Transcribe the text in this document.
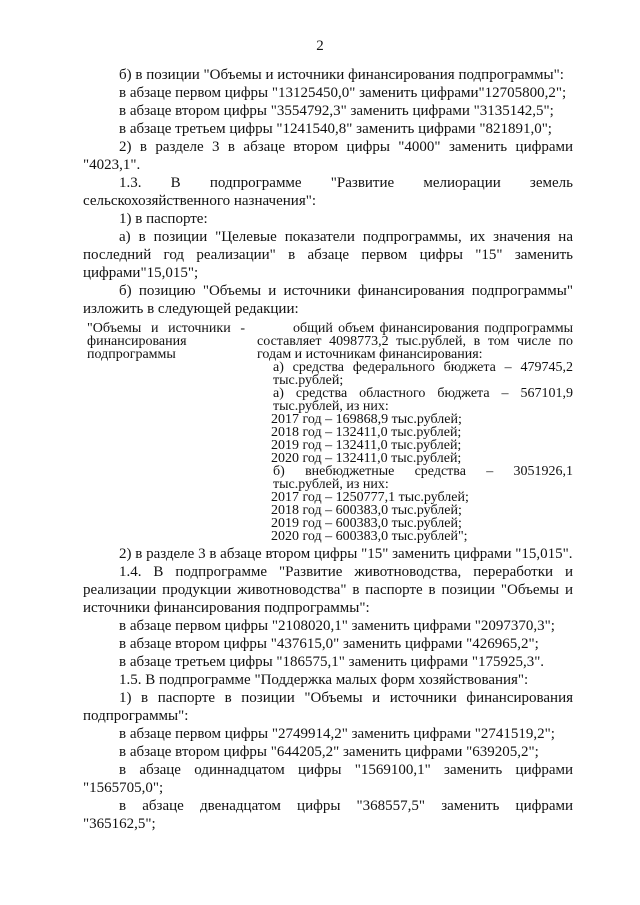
2

б) в позиции "Объемы и источники финансирования подпрограммы":

в абзаце первом цифры "13125450,0" заменить цифрами"12705800,2";

в абзаце втором цифры "3554792,3" заменить цифрами "3135142,5";

в абзаце третьем цифры "1241540,8" заменить цифрами "821891,0";

2) в разделе 3 в абзаце втором цифры "4000" заменить цифрами "4023,1".

1.3. В подпрограмме "Развитие мелиорации земель сельскохозяйственного назначения":

1) в паспорте:

а) в позиции "Целевые показатели подпрограммы, их значения на последний год реализации" в абзаце первом цифры "15" заменить цифрами"15,015";

б) позицию "Объемы и источники финансирования подпрограммы" изложить в следующей редакции:

"Объемы и источники - финансирования подпрограммы

общий объем финансирования подпрограммы составляет 4098773,2 тыс.рублей, в том числе по годам и источникам финансирования:

а) средства федерального бюджета – 479745,2 тыс.рублей;

а) средства областного бюджета – 567101,9 тыс.рублей, из них:

2017 год – 169868,9 тыс.рублей;

2018 год – 132411,0 тыс.рублей;

2019 год – 132411,0 тыс.рублей;

2020 год – 132411,0 тыс.рублей;

б) внебюджетные средства – 3051926,1 тыс.рублей, из них:

2017 год – 1250777,1 тыс.рублей;

2018 год – 600383,0 тыс.рублей;

2019 год – 600383,0 тыс.рублей;

2020 год – 600383,0 тыс.рублей";

2) в разделе 3 в абзаце втором цифры "15" заменить цифрами "15,015".

1.4. В подпрограмме "Развитие животноводства, переработки и реализации продукции животноводства" в паспорте в позиции "Объемы и источники финансирования подпрограммы":

в абзаце первом цифры "2108020,1" заменить цифрами "2097370,3";

в абзаце втором цифры "437615,0" заменить цифрами "426965,2";

в абзаце третьем цифры "186575,1" заменить цифрами "175925,3".

1.5. В подпрограмме "Поддержка малых форм хозяйствования":

1) в паспорте в позиции "Объемы и источники финансирования подпрограммы":

в абзаце первом цифры "2749914,2" заменить цифрами "2741519,2";

в абзаце втором цифры "644205,2" заменить цифрами "639205,2";

в абзаце одиннадцатом цифры "1569100,1" заменить цифрами "1565705,0";

в абзаце двенадцатом цифры "368557,5" заменить цифрами "365162,5";
